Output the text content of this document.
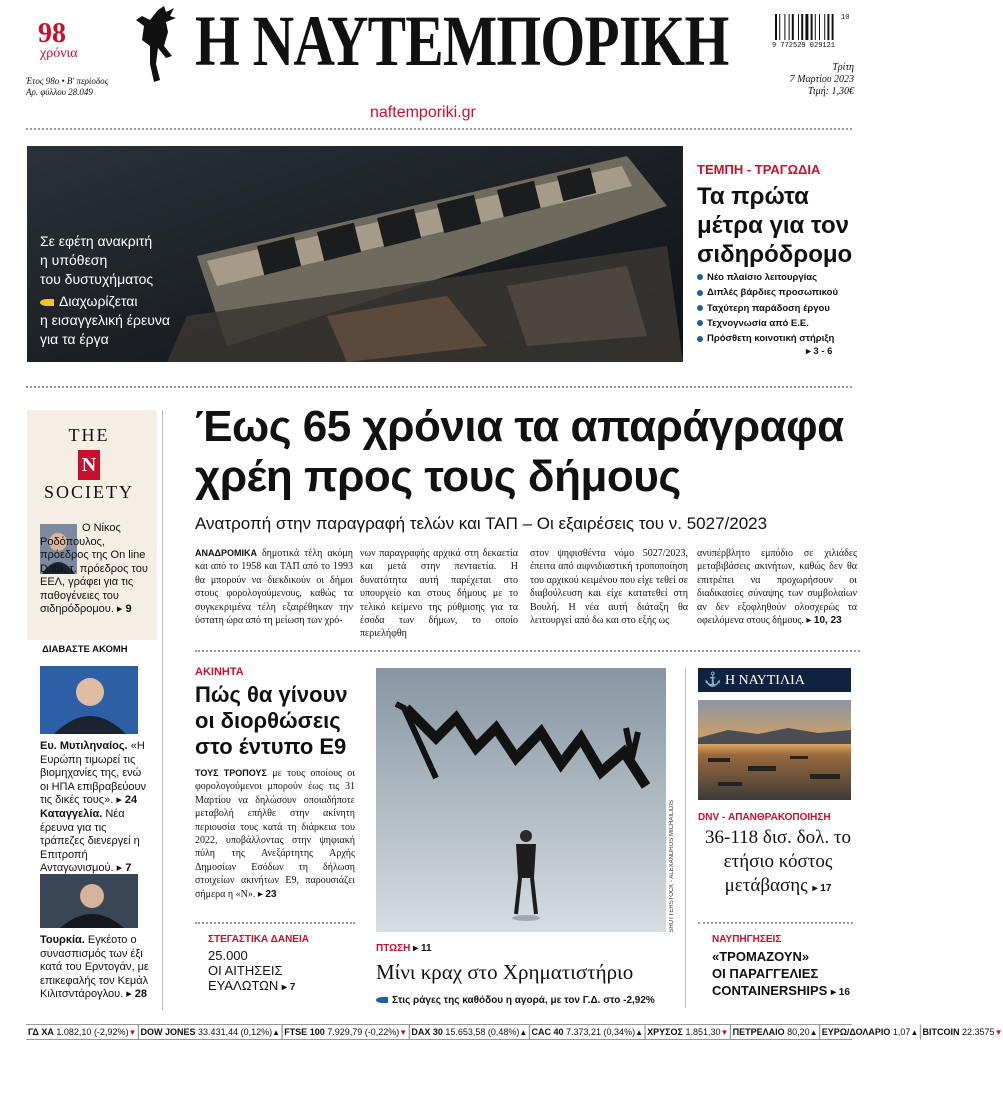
98
χρόνια
Έτος 98ο • Β' περίοδος
Αρ. φύλλου 28.049
Η ΝΑΥΤΕΜΠΟΡΙΚΗ
naftemporiki.gr
9 772529 029121
10
Τρίτη
7 Μαρτίου 2023
Τιμή: 1,30€
Σε εφέτη ανακριτή
η υπόθεση
του δυστυχήματος
Διαχωρίζεται
η εισαγγελική έρευνα
για τα έργα
ΤΕΜΠΗ - ΤΡΑΓΩΔΙΑ
Τα πρώτα μέτρα για τον σιδηρόδρομο
Νέο πλαίσιο λειτουργίας
Διπλές βάρδιες προσωπικού
Ταχύτερη παράδοση έργου
Τεχνογνωσία από Ε.Ε.
Πρόσθετη κοινοτική στήριξη
▸ 3 - 6
THE
N
SOCIETY
Ο Νίκος Ροδόπουλος, πρόεδρος της On line Data, τ. πρόεδρος του ΕΕΛ, γράφει για τις παθογένειες του σιδηρόδρομου. ▸ 9
ΔΙΑΒΑΣΤΕ ΑΚΟΜΗ
Ευ. Μυτιληναίος. «Η Ευρώπη τιμωρεί τις βιομηχανίες της, ενώ οι ΗΠΑ επιβραβεύουν τις δικές τους». ▸ 24
Καταγγελία. Νέα έρευνα για τις τράπεζες διενεργεί η Επιτροπή Ανταγωνισμού. ▸ 7
Τουρκία. Εγκέοτο ο συνασπισμός των έξι κατά του Ερντογάν, με επικεφαλής τον Κεμάλ Κιλιτσντάρογλου. ▸ 28
Έως 65 χρόνια τα απαράγραφα χρέη προς τους δήμους
Ανατροπή στην παραγραφή τελών και ΤΑΠ – Οι εξαιρέσεις του ν. 5027/2023
ΑΝΑΔΡΟΜΙΚΑ δημοτικά τέλη ακόμη και από το 1958 και ΤΑΠ από το 1993 θα μπορούν να διεκδικούν οι δήμοι στους φορολογούμενους, καθώς τα συγκεκριμένα τέλη εξαιρέθηκαν την ύστατη ώρα από τη μείωση των χρό-
νων παραγραφής αρχικά στη δεκαετία και μετά στην πενταετία. Η δυνατότητα αυτή παρέχεται στο υπουργείο και στους δήμους με το τελικό κείμενο της ρύθμισης για τα έσοδα των δήμων, το οποίο περιελήφθη
στον ψηφισθέντα νόμο 5027/2023, έπειτα από αιφνιδιαστική τροποποίηση του αρχικού κειμένου που είχε τεθεί σε διαβούλευση και είχε κατατεθεί στη Βουλή. Η νέα αυτή διάταξη θα λειτουργεί από δω και στο εξής ως
ανυπέρβλητο εμπόδιο σε χιλιάδες μεταβιβάσεις ακινήτων, καθώς δεν θα επιτρέπει να προχωρήσουν οι διαδικασίες σύναψης των συμβολαίων αν δεν εξοφληθούν ολοσχερώς τα οφειλόμενα στους δήμους. ▸ 10, 23
ΑΚΙΝΗΤΑ
Πώς θα γίνουν οι διορθώσεις στο έντυπο Ε9
ΤΟΥΣ ΤΡΟΠΟΥΣ με τους οποίους οι φορολογούμενοι μπορούν έως τις 31 Μαρτίου να δηλώσουν οποιαδήποτε μεταβολή επήλθε στην ακίνητη περιουσία τους κατά τη διάρκεια του 2022, υποβάλλοντας στην ψηφιακή πύλη της Ανεξάρτητης Αρχής Δημοσίων Εσόδων τη δήλωση στοιχείων ακινήτων Ε9, παρουσιάζει σήμερα η «Ν». ▸ 23
ΣΤΕΓΑΣΤΙΚΑ ΔΑΝΕΙΑ
25.000
ΟΙ ΑΙΤΗΣΕΙΣ
ΕΥΑΛΩΤΩΝ ▸ 7
SHUTTERSTOCK - ALEXANDROS MICHAILIDIS
ΠΤΩΣΗ ▸ 11
Μίνι κραχ στο Χρηματιστήριο
Στις ράγες της καθόδου η αγορά, με τον Γ.Δ. στο -2,92%
⚓ Η ΝΑΥΤΙΛΙΑ
DNV - ΑΠΑΝΘΡΑΚΟΠΟΙΗΣΗ
36-118 δισ. δολ. το ετήσιο κόστος μετάβασης ▸ 17
ΝΑΥΠΗΓΗΣΕΙΣ
«ΤΡΟΜΑΖΟΥΝ»
ΟΙ ΠΑΡΑΓΓΕΛΙΕΣ
CONTAINERSHIPS ▸ 16
ΓΔ ΧΑ 1.082,10 (-2,92%)▼ | DOW JONES 33.431,44 (0,12%)▲ | FTSE 100 7.929,79 (-0,22%)▼ | DAX 30 15.653,58 (0,48%)▲ | CAC 40 7.373,21 (0,34%)▲ | ΧΡΥΣΟΣ 1.851,30▼ | ΠΕΤΡΕΛΑΙΟ 80,20▲ | ΕΥΡΩ/ΔΟΛΑΡΙΟ 1,07▲ | BITCOIN 22.3575▼
